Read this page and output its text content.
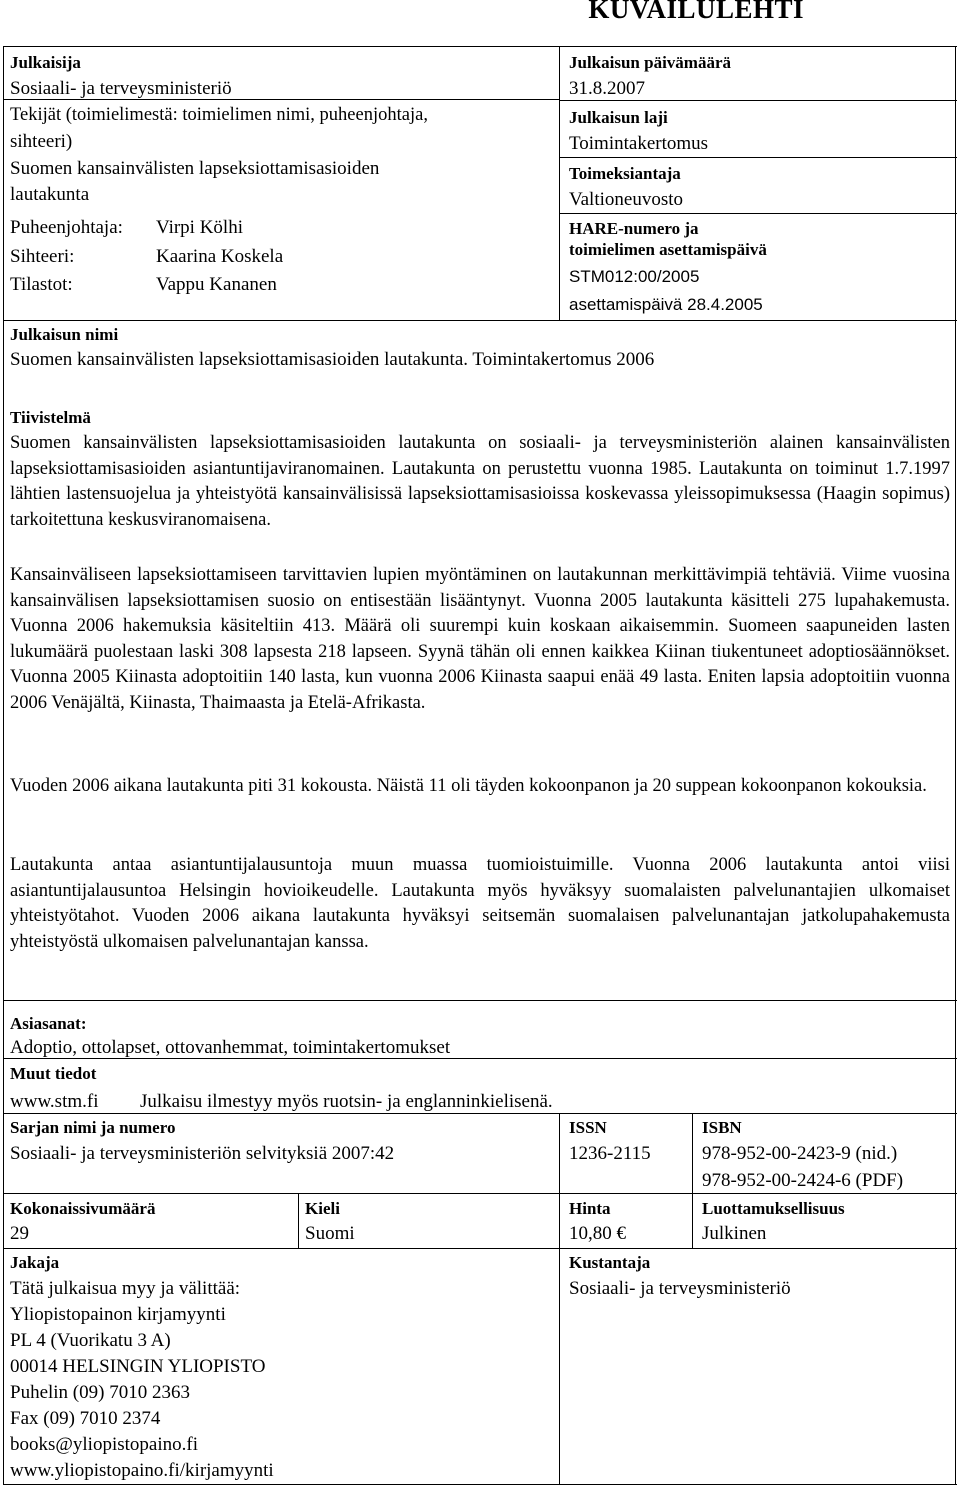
KUVAILULEHTI
Julkaisija
Sosiaali- ja terveysministeriö
Tekijät (toimielimestä: toimielimen nimi, puheenjohtaja,
sihteeri)
Suomen kansainvälisten lapseksiottamisasioiden
lautakunta
Puheenjohtaja: Virpi Kölhi
Sihteeri:	Kaarina Koskela
Tilastot:	Vappu Kananen
Julkaisun päivämäärä
31.8.2007
Julkaisun laji
Toimintakertomus
Toimeksiantaja
Valtioneuvosto
HARE-numero ja
toimielimen asettamispäivä
STM012:00/2005
asettamispäivä 28.4.2005
Julkaisun nimi
Suomen kansainvälisten lapseksiottamisasioiden lautakunta. Toimintakertomus 2006
Tiivistelmä

Suomen kansainvälisten lapseksiottamisasioiden lautakunta on sosiaali- ja terveysministeriön alainen kansainvälisten lapseksiottamisasioiden asiantuntijaviranomainen. Lautakunta on perustettu vuonna 1985. Lautakunta on toiminut 1.7.1997 lähtien lastensuojelua ja yhteistyötä kansainvälisissä lapseksiottamisasioissa koskevassa yleissopimuksessa (Haagin sopimus) tarkoitettuna keskusviranomaisena.

Kansainväliseen lapseksiottamiseen tarvittavien lupien myöntäminen on lautakunnan merkittävimpiä tehtäviä. Viime vuosina kansainvälisen lapseksiottamisen suosio on entisestään lisääntynyt. Vuonna 2005 lautakunta käsitteli 275 lupahakemusta. Vuonna 2006 hakemuksia käsiteltiin 413. Määrä oli suurempi kuin koskaan aikaisemmin. Suomeen saapuneiden lasten lukumäärä puolestaan laski 308 lapsesta 218 lapseen. Syynä tähän oli ennen kaikkea Kiinan tiukentuneet adoptiosäännökset. Vuonna 2005 Kiinasta adoptoitiin 140 lasta, kun vuonna 2006 Kiinasta saapui enää 49 lasta. Eniten lapsia adoptoitiin vuonna 2006 Venäjältä, Kiinasta, Thaimaasta ja Etelä-Afrikasta.

Vuoden 2006 aikana lautakunta piti 31 kokousta. Näistä 11 oli täyden kokoonpanon ja 20 suppean kokoonpanon kokouksia.

Lautakunta antaa asiantuntijalausuntoja muun muassa tuomioistuimille. Vuonna 2006 lautakunta antoi viisi asiantuntijalausuntoa Helsingin hovioikeudelle. Lautakunta myös hyväksyy suomalaisten palvelunantajien ulkomaiset yhteistyötahot. Vuoden 2006 aikana lautakunta hyväksyi seitsemän suomalaisen palvelunantajan jatkolupahakemusta yhteistyöstä ulkomaisen palvelunantajan kanssa.

Asiasanat:
Adoptio, ottolapset, ottovanhemmat, toimintakertomukset
Muut tiedot
www.stm.fi Julkaisu ilmestyy myös ruotsin- ja englanninkielisenä.
Sarjan nimi ja numero
Sosiaali- ja terveysministeriön selvityksiä 2007:42
ISSN
1236-2115
ISBN
978-952-00-2423-9 (nid.)
978-952-00-2424-6 (PDF)
Kokonaissivumäärä
29
Kieli
Suomi
Hinta
10,80 €
Luottamuksellisuus
Julkinen
Jakaja
Tätä julkaisua myy ja välittää:
Yliopistopainon kirjamyynti
PL 4 (Vuorikatu 3 A)
00014 HELSINGIN YLIOPISTO
Puhelin (09) 7010 2363
Fax (09) 7010 2374
books@yliopistopaino.fi
www.yliopistopaino.fi/kirjamyynti
Kustantaja
Sosiaali- ja terveysministeriö
